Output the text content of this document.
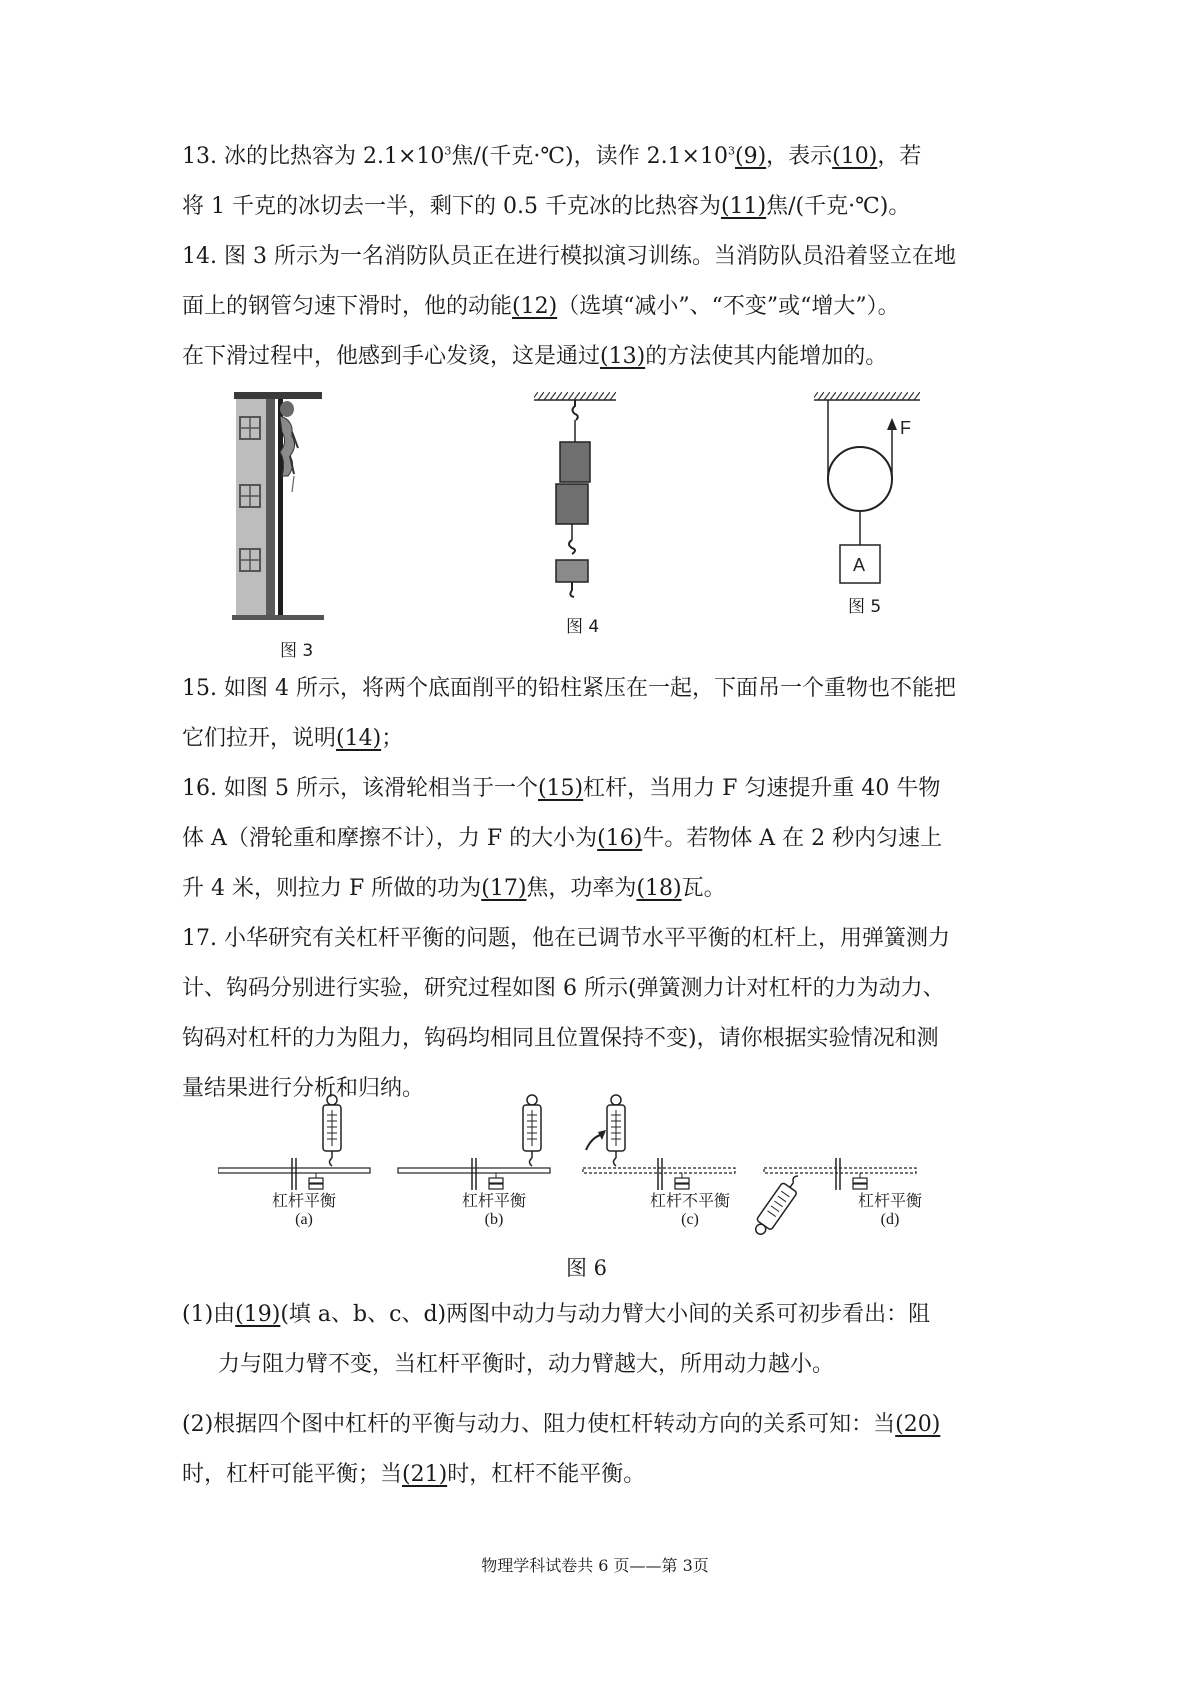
13. 冰的比热容为 $2.1\times 10^3$焦/(千克·℃)，读作 $2.1\times 10^3(9)$，表示(10)，若
将 1 千克的冰切去一半，剩下的 0.5 千克冰的比热容为(11)焦/(千克·℃)。
14. 图 3 所示为一名消防队员正在进行模拟演习训练。当消防队员沿着竖立在地
面上的钢管匀速下滑时，他的动能(12)（选填“减小”、“不变”或“增大”）。
在下滑过程中，他感到手心发烫，这是通过(13)的方法使其内能增加的。
图 3
图 4
F
A
图 5
15. 如图 4 所示，将两个底面削平的铅柱紧压在一起，下面吊一个重物也不能把
它们拉开，说明(14)；
16. 如图 5 所示，该滑轮相当于一个(15)杠杆，当用力 F 匀速提升重 40 牛物
体 A（滑轮重和摩擦不计），力 F 的大小为(16)牛。若物体 A 在 2 秒内匀速上
升 4 米，则拉力 F 所做的功为(17)焦，功率为(18)瓦。
17. 小华研究有关杠杆平衡的问题，他在已调节水平平衡的杠杆上，用弹簧测力
计、钩码分别进行实验，研究过程如图 6 所示(弹簧测力计对杠杆的力为动力、
钩码对杠杆的力为阻力，钩码均相同且位置保持不变)，请你根据实验情况和测
量结果进行分析和归纳。
杠杆平衡
(a)
杠杆平衡
(b)
杠杆不平衡
(c)
杠杆平衡
(d)
图 6
(1)由(19)(填 a、b、c、d)两图中动力与动力臂大小间的关系可初步看出：阻
力与阻力臂不变，当杠杆平衡时，动力臂越大，所用动力越小。
(2)根据四个图中杠杆的平衡与动力、阻力使杠杆转动方向的关系可知：当(20)
时，杠杆可能平衡；当(21)时，杠杆不能平衡。
物理学科试卷共 6 页——第 3页
